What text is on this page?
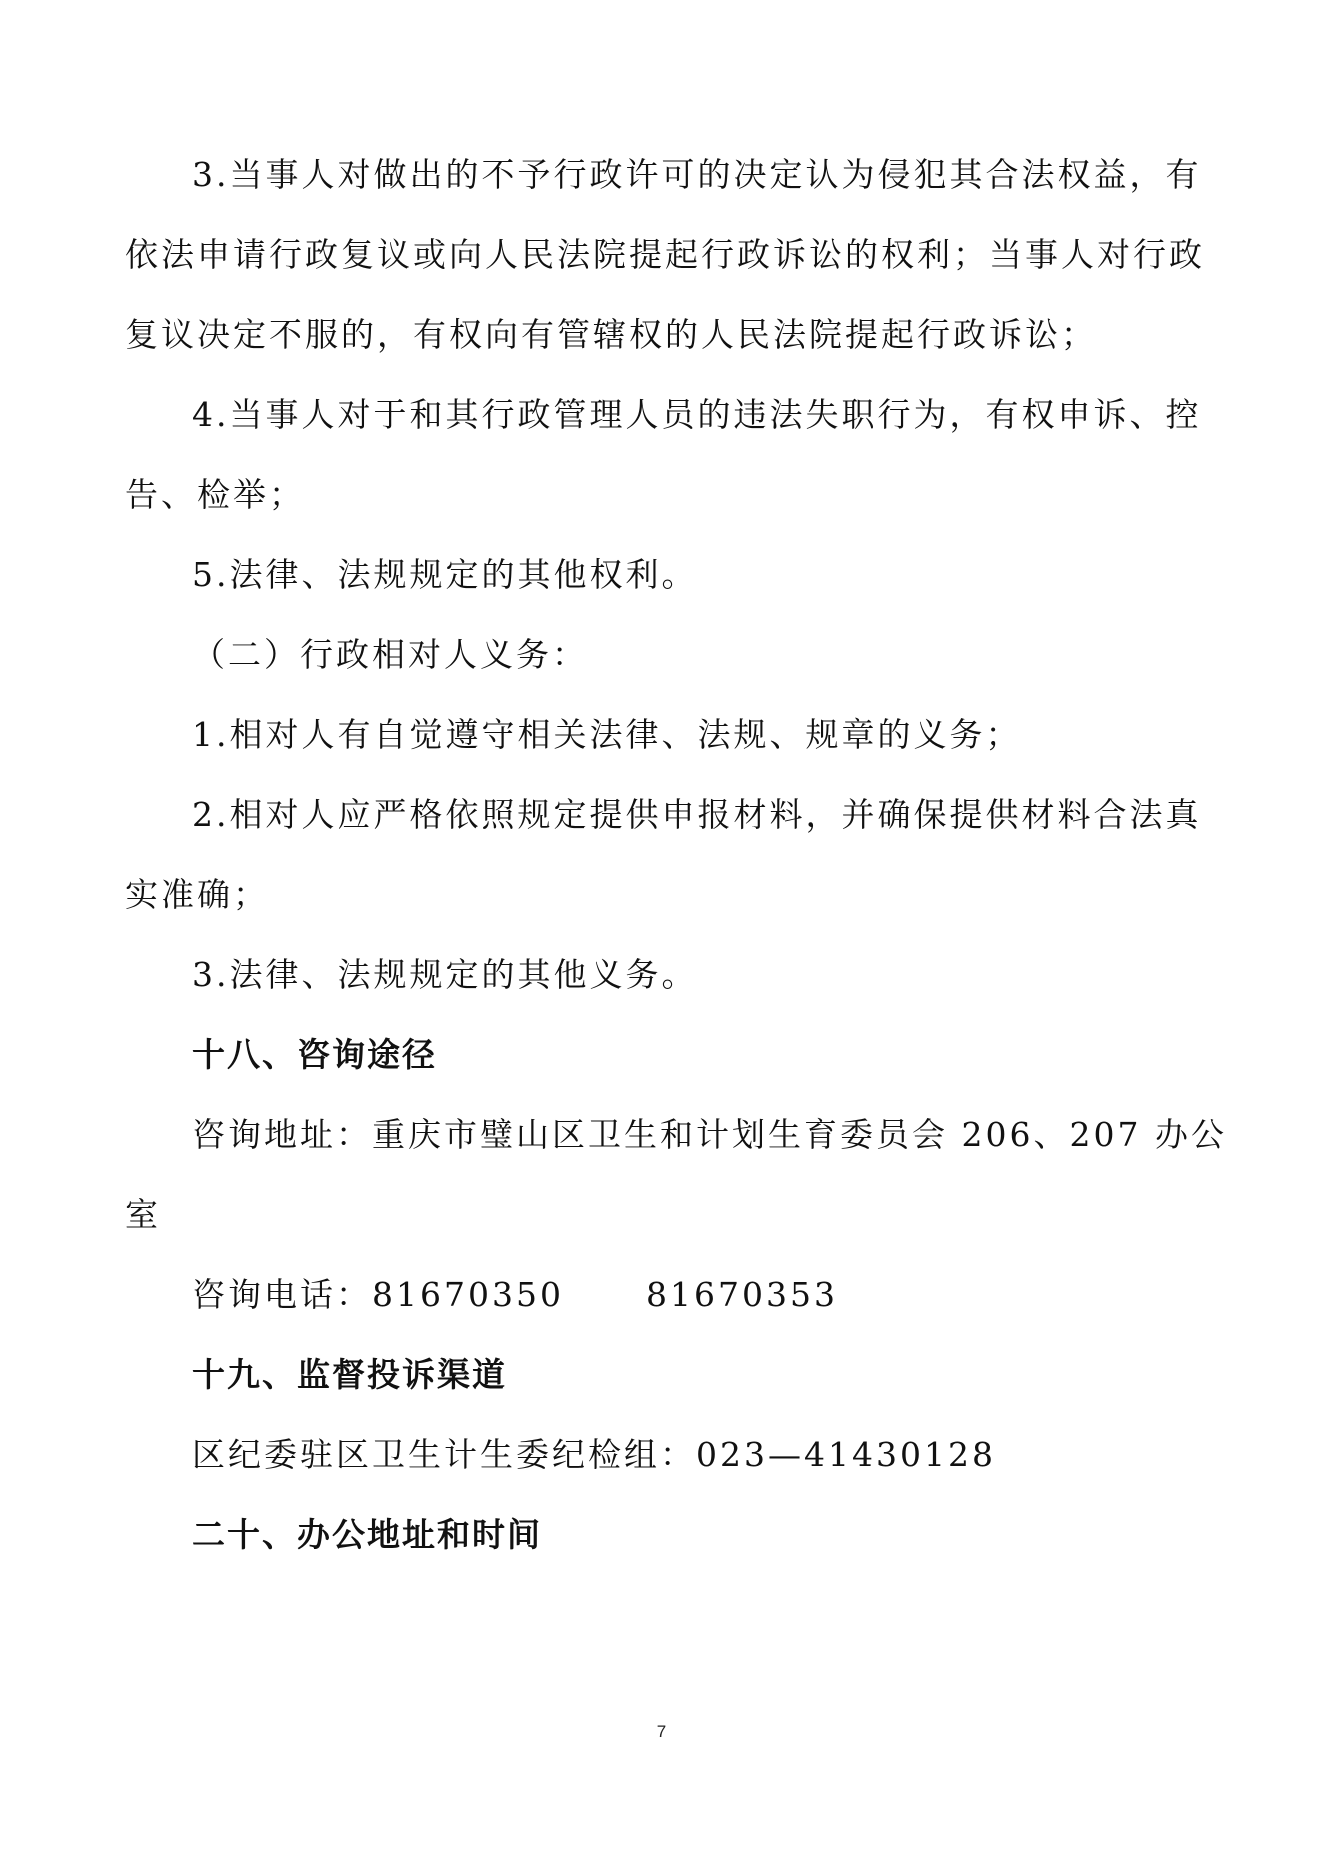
3.当事人对做出的不予行政许可的决定认为侵犯其合法权益，有
依法申请行政复议或向人民法院提起行政诉讼的权利；当事人对行政
复议决定不服的，有权向有管辖权的人民法院提起行政诉讼；
4.当事人对于和其行政管理人员的违法失职行为，有权申诉、控
告、检举；
5.法律、法规规定的其他权利。
（二）行政相对人义务：
1.相对人有自觉遵守相关法律、法规、规章的义务；
2.相对人应严格依照规定提供申报材料，并确保提供材料合法真
实准确；
3.法律、法规规定的其他义务。
十八、咨询途径
咨询地址：重庆市璧山区卫生和计划生育委员会 206、207 办公
室
咨询电话：81670350 81670353
十九、监督投诉渠道
区纪委驻区卫生计生委纪检组：023—41430128
二十、办公地址和时间
7
